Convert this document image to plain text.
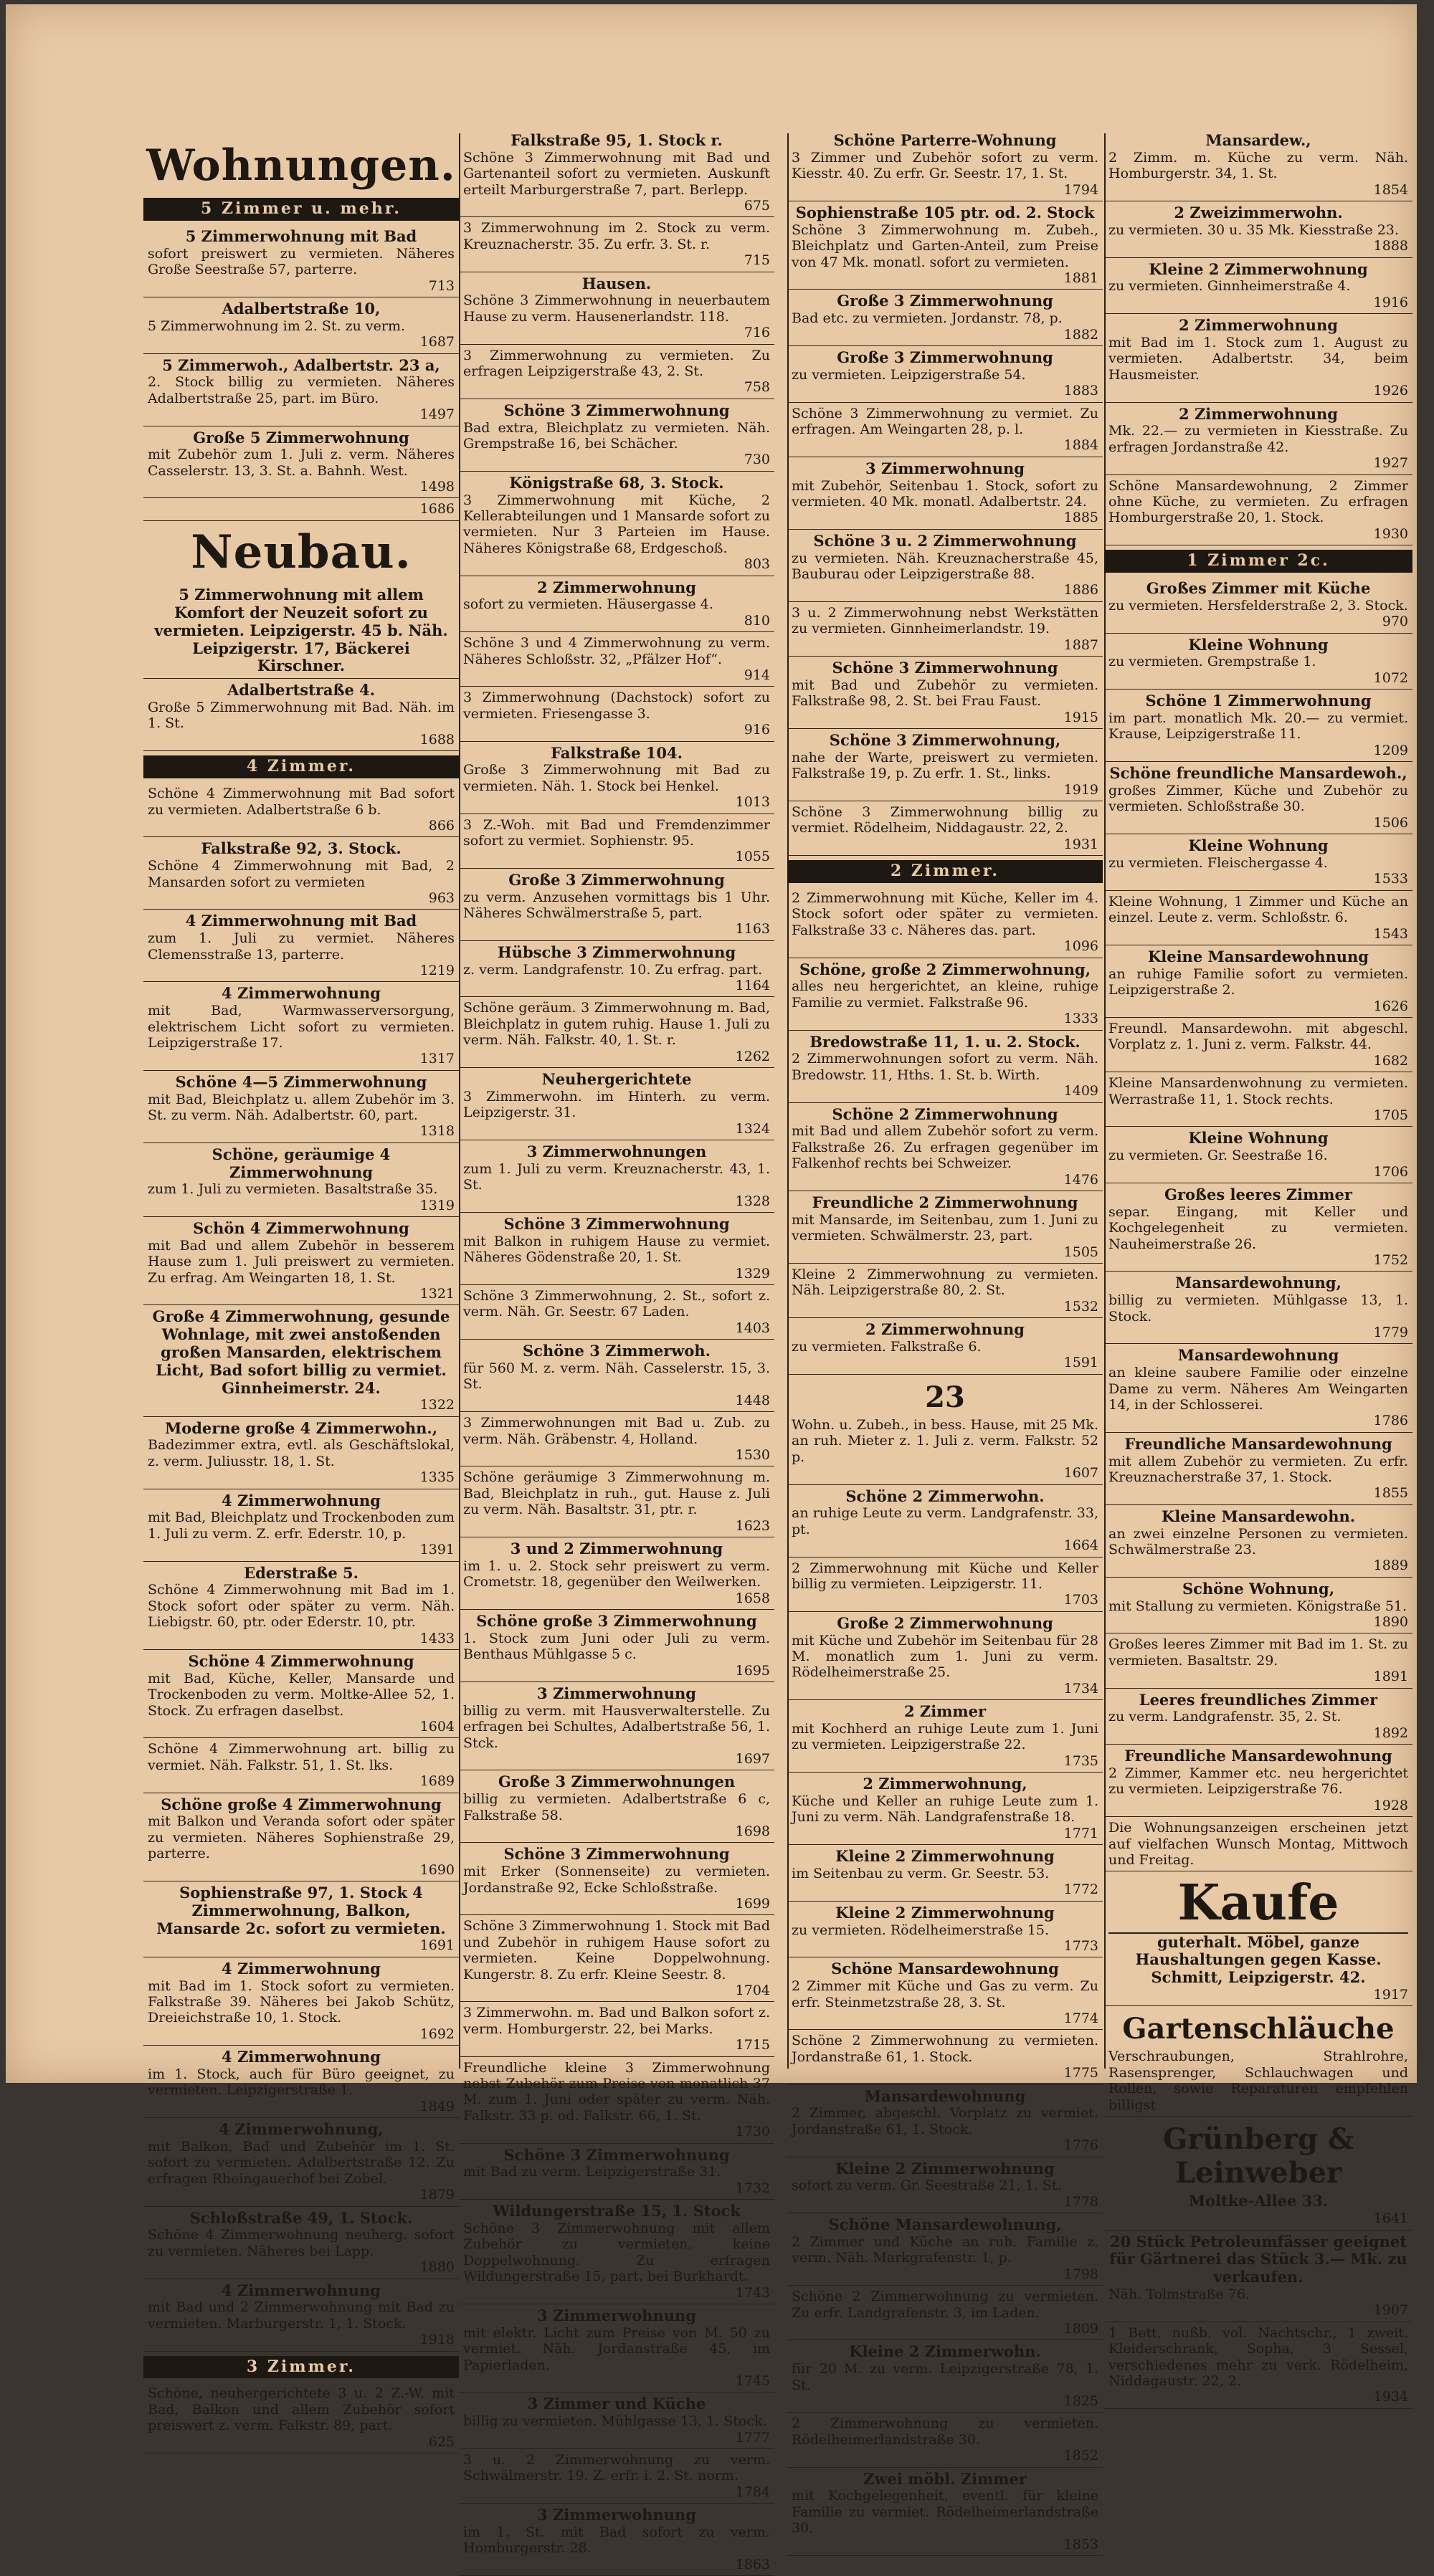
Wohnungen.
5 Zimmer u. mehr.
5 Zimmerwohnung mit Bad
sofort preiswert zu vermieten. Näheres Große Seestraße 57, parterre.
713
Adalbertstraße 10,
5 Zimmerwohnung im 2. St. zu verm.
1687
5 Zimmerwoh., Adalbertstr. 23 a,
2. Stock billig zu vermieten. Näheres Adalbertstraße 25, part. im Büro.
1497
Große 5 Zimmerwohnung
mit Zubehör zum 1. Juli z. verm. Näheres Casselerstr. 13, 3. St. a. Bahnh. West.
1498
1686
Neubau.
5 Zimmerwohnung mit allem Komfort der Neuzeit sofort zu vermieten. Leipzigerstr. 45 b. Näh. Leipzigerstr. 17, Bäckerei Kirschner.
Adalbertstraße 4.
Große 5 Zimmerwohnung mit Bad. Näh. im 1. St.
1688
4 Zimmer.
Schöne 4 Zimmerwohnung mit Bad sofort zu vermieten. Adalbertstraße 6 b.
866
Falkstraße 92, 3. Stock.
Schöne 4 Zimmerwohnung mit Bad, 2 Mansarden sofort zu vermieten
963
4 Zimmerwohnung mit Bad
zum 1. Juli zu vermiet. Näheres Clemensstraße 13, parterre.
1219
4 Zimmerwohnung
mit Bad, Warmwasserversorgung, elektrischem Licht sofort zu vermieten. Leipzigerstraße 17.
1317
Schöne 4—5 Zimmerwohnung
mit Bad, Bleichplatz u. allem Zubehör im 3. St. zu verm. Näh. Adalbertstr. 60, part.
1318
Schöne, geräumige 4 Zimmerwohnung
zum 1. Juli zu vermieten. Basaltstraße 35.
1319
Schön 4 Zimmerwohnung
mit Bad und allem Zubehör in besserem Hause zum 1. Juli preiswert zu vermieten. Zu erfrag. Am Weingarten 18, 1. St.
1321
Große 4 Zimmerwohnung, gesunde Wohnlage, mit zwei anstoßenden großen Mansarden, elektrischem Licht, Bad sofort billig zu vermiet. Ginnheimerstr. 24.
1322
Moderne große 4 Zimmerwohn.,
Badezimmer extra, evtl. als Geschäftslokal, z. verm. Juliusstr. 18, 1. St.
1335
4 Zimmerwohnung
mit Bad, Bleichplatz und Trockenboden zum 1. Juli zu verm. Z. erfr. Ederstr. 10, p.
1391
Ederstraße 5.
Schöne 4 Zimmerwohnung mit Bad im 1. Stock sofort oder später zu verm. Näh. Liebigstr. 60, ptr. oder Ederstr. 10, ptr.
1433
Schöne 4 Zimmerwohnung
mit Bad, Küche, Keller, Mansarde und Trockenboden zu verm. Moltke-Allee 52, 1. Stock. Zu erfragen daselbst.
1604
Schöne 4 Zimmerwohnung art. billig zu vermiet. Näh. Falkstr. 51, 1. St. lks.
1689
Schöne große 4 Zimmerwohnung
mit Balkon und Veranda sofort oder später zu vermieten. Näheres Sophienstraße 29, parterre.
1690
Sophienstraße 97, 1. Stock 4 Zimmerwohnung, Balkon, Mansarde 2c. sofort zu vermieten.
1691
4 Zimmerwohnung
mit Bad im 1. Stock sofort zu vermieten. Falkstraße 39. Näheres bei Jakob Schütz, Dreieichstraße 10, 1. Stock.
1692
4 Zimmerwohnung
im 1. Stock, auch für Büro geeignet, zu vermieten. Leipzigerstraße 1.
1849
4 Zimmerwohnung,
mit Balkon, Bad und Zubehör im 1. St. sofort zu vermieten. Adalbertstraße 12. Zu erfragen Rheingauerhof bei Zobel.
1879
Schloßstraße 49, 1. Stock.
Schöne 4 Zimmerwohnung neuherg. sofort zu vermieten. Näheres bei Lapp.
1880
4 Zimmerwohnung
mit Bad und 2 Zimmerwohnung mit Bad zu vermieten. Marburgerstr. 1, 1. Stock.
1918
3 Zimmer.
Schöne, neuhergerichtete 3 u. 2 Z.-W. mit Bad, Balkon und allem Zubehör sofort preiswert z. verm. Falkstr. 89, part.
625
Falkstraße 95, 1. Stock r.
Schöne 3 Zimmerwohnung mit Bad und Gartenanteil sofort zu vermieten. Auskunft erteilt Marburgerstraße 7, part. Berlepp.
675
3 Zimmerwohnung im 2. Stock zu verm. Kreuznacherstr. 35. Zu erfr. 3. St. r.
715
Hausen.
Schöne 3 Zimmerwohnung in neuerbautem Hause zu verm. Hausenerlandstr. 118.
716
3 Zimmerwohnung zu vermieten. Zu erfragen Leipzigerstraße 43, 2. St.
758
Schöne 3 Zimmerwohnung
Bad extra, Bleichplatz zu vermieten. Näh. Grempstraße 16, bei Schächer.
730
Königstraße 68, 3. Stock.
3 Zimmerwohnung mit Küche, 2 Kellerabteilungen und 1 Mansarde sofort zu vermieten. Nur 3 Parteien im Hause. Näheres Königstraße 68, Erdgeschoß.
803
2 Zimmerwohnung
sofort zu vermieten. Häusergasse 4.
810
Schöne 3 und 4 Zimmerwohnung zu verm. Näheres Schloßstr. 32, „Pfälzer Hof“.
914
3 Zimmerwohnung (Dachstock) sofort zu vermieten. Friesengasse 3.
916
Falkstraße 104.
Große 3 Zimmerwohnung mit Bad zu vermieten. Näh. 1. Stock bei Henkel.
1013
3 Z.-Woh. mit Bad und Fremdenzimmer sofort zu vermiet. Sophienstr. 95.
1055
Große 3 Zimmerwohnung
zu verm. Anzusehen vormittags bis 1 Uhr. Näheres Schwälmerstraße 5, part.
1163
Hübsche 3 Zimmerwohnung
z. verm. Landgrafenstr. 10. Zu erfrag. part.
1164
Schöne geräum. 3 Zimmerwohnung m. Bad, Bleichplatz in gutem ruhig. Hause 1. Juli zu verm. Näh. Falkstr. 40, 1. St. r.
1262
Neuhergerichtete
3 Zimmerwohn. im Hinterh. zu verm. Leipzigerstr. 31.
1324
3 Zimmerwohnungen
zum 1. Juli zu verm. Kreuznacherstr. 43, 1. St.
1328
Schöne 3 Zimmerwohnung
mit Balkon in ruhigem Hause zu vermiet. Näheres Gödenstraße 20, 1. St.
1329
Schöne 3 Zimmerwohnung, 2. St., sofort z. verm. Näh. Gr. Seestr. 67 Laden.
1403
Schöne 3 Zimmerwoh.
für 560 M. z. verm. Näh. Casselerstr. 15, 3. St.
1448
3 Zimmerwohnungen mit Bad u. Zub. zu verm. Näh. Gräbenstr. 4, Holland.
1530
Schöne geräumige 3 Zimmerwohnung m. Bad, Bleichplatz in ruh., gut. Hause z. Juli zu verm. Näh. Basaltstr. 31, ptr. r.
1623
3 und 2 Zimmerwohnung
im 1. u. 2. Stock sehr preiswert zu verm. Crometstr. 18, gegenüber den Weilwerken.
1658
Schöne große 3 Zimmerwohnung
1. Stock zum Juni oder Juli zu verm. Benthaus Mühlgasse 5 c.
1695
3 Zimmerwohnung
billig zu verm. mit Hausverwalterstelle. Zu erfragen bei Schultes, Adalbertstraße 56, 1. Stck.
1697
Große 3 Zimmerwohnungen
billig zu vermieten. Adalbertstraße 6 c, Falkstraße 58.
1698
Schöne 3 Zimmerwohnung
mit Erker (Sonnenseite) zu vermieten. Jordanstraße 92, Ecke Schloßstraße.
1699
Schöne 3 Zimmerwohnung 1. Stock mit Bad und Zubehör in ruhigem Hause sofort zu vermieten. Keine Doppelwohnung. Kungerstr. 8. Zu erfr. Kleine Seestr. 8.
1704
3 Zimmerwohn. m. Bad und Balkon sofort z. verm. Homburgerstr. 22, bei Marks.
1715
Freundliche kleine 3 Zimmerwohnung nebst Zubehör zum Preise von monatlich 37 M. zum 1. Juni oder später zu verm. Näh. Falkstr. 33 p. od. Falkstr. 66, 1. St.
1730
Schöne 3 Zimmerwohnung
mit Bad zu verm. Leipzigerstraße 31.
1732
Wildungerstraße 15, 1. Stock
Schöne 3 Zimmerwohnung mit allem Zubehör zu vermieten, keine Doppelwohnung. Zu erfragen Wildungerstraße 15, part. bei Burkhardt.
1743
3 Zimmerwohnung
mit elektr. Licht zum Preise von M. 50 zu vermiet. Näh. Jordanstraße 45, im Papierladen.
1745
3 Zimmer und Küche
billig zu vermieten. Mühlgasse 13, 1. Stock.
1777
3 u. 2 Zimmerwohnung zu verm. Schwälmerstr. 19. Z. erfr. i. 2. St. norm.
1784
3 Zimmerwohnung
im 1. St. mit Bad sofort zu verm. Homburgerstr. 28.
1863
Schöne Parterre-Wohnung
3 Zimmer und Zubehör sofort zu verm. Kiesstr. 40. Zu erfr. Gr. Seestr. 17, 1. St.
1794
Sophienstraße 105 ptr. od. 2. Stock
Schöne 3 Zimmerwohnung m. Zubeh., Bleichplatz und Garten-Anteil, zum Preise von 47 Mk. monatl. sofort zu vermieten.
1881
Große 3 Zimmerwohnung
Bad etc. zu vermieten. Jordanstr. 78, p.
1882
Große 3 Zimmerwohnung
zu vermieten. Leipzigerstraße 54.
1883
Schöne 3 Zimmerwohnung zu vermiet. Zu erfragen. Am Weingarten 28, p. l.
1884
3 Zimmerwohnung
mit Zubehör, Seitenbau 1. Stock, sofort zu vermieten. 40 Mk. monatl. Adalbertstr. 24.
1885
Schöne 3 u. 2 Zimmerwohnung
zu vermieten. Näh. Kreuznacherstraße 45, Bauburau oder Leipzigerstraße 88.
1886
3 u. 2 Zimmerwohnung nebst Werkstätten zu vermieten. Ginnheimerlandstr. 19.
1887
Schöne 3 Zimmerwohnung
mit Bad und Zubehör zu vermieten. Falkstraße 98, 2. St. bei Frau Faust.
1915
Schöne 3 Zimmerwohnung,
nahe der Warte, preiswert zu vermieten. Falkstraße 19, p. Zu erfr. 1. St., links.
1919
Schöne 3 Zimmerwohnung billig zu vermiet. Rödelheim, Niddagaustr. 22, 2.
1931
2 Zimmer.
2 Zimmerwohnung mit Küche, Keller im 4. Stock sofort oder später zu vermieten. Falkstraße 33 c. Näheres das. part.
1096
Schöne, große 2 Zimmerwohnung,
alles neu hergerichtet, an kleine, ruhige Familie zu vermiet. Falkstraße 96.
1333
Bredowstraße 11, 1. u. 2. Stock.
2 Zimmerwohnungen sofort zu verm. Näh. Bredowstr. 11, Hths. 1. St. b. Wirth.
1409
Schöne 2 Zimmerwohnung
mit Bad und allem Zubehör sofort zu verm. Falkstraße 26. Zu erfragen gegenüber im Falkenhof rechts bei Schweizer.
1476
Freundliche 2 Zimmerwohnung
mit Mansarde, im Seitenbau, zum 1. Juni zu vermieten. Schwälmerstr. 23, part.
1505
Kleine 2 Zimmerwohnung zu vermieten. Näh. Leipzigerstraße 80, 2. St.
1532
2 Zimmerwohnung
zu vermieten. Falkstraße 6.
1591
23
Wohn. u. Zubeh., in bess. Hause, mit 25 Mk. an ruh. Mieter z. 1. Juli z. verm. Falkstr. 52 p.
1607
Schöne 2 Zimmerwohn.
an ruhige Leute zu verm. Landgrafenstr. 33, pt.
1664
2 Zimmerwohnung mit Küche und Keller billig zu vermieten. Leipzigerstr. 11.
1703
Große 2 Zimmerwohnung
mit Küche und Zubehör im Seitenbau für 28 M. monatlich zum 1. Juni zu verm. Rödelheimerstraße 25.
1734
2 Zimmer
mit Kochherd an ruhige Leute zum 1. Juni zu vermieten. Leipzigerstraße 22.
1735
2 Zimmerwohnung,
Küche und Keller an ruhige Leute zum 1. Juni zu verm. Näh. Landgrafenstraße 18.
1771
Kleine 2 Zimmerwohnung
im Seitenbau zu verm. Gr. Seestr. 53.
1772
Kleine 2 Zimmerwohnung
zu vermieten. Rödelheimerstraße 15.
1773
Schöne Mansardewohnung
2 Zimmer mit Küche und Gas zu verm. Zu erfr. Steinmetzstraße 28, 3. St.
1774
Schöne 2 Zimmerwohnung zu vermieten. Jordanstraße 61, 1. Stock.
1775
Mansardewohnung
2 Zimmer, abgeschl. Vorplatz zu vermiet. Jordanstraße 61, 1. Stock.
1776
Kleine 2 Zimmerwohnung
sofort zu verm. Gr. Seestraße 21, 1. St.
1778
Schöne Mansardewohnung,
2 Zimmer und Küche an ruh. Familie z. verm. Näh. Markgrafenstr. 1, p.
1798
Schöne 2 Zimmerwohnung zu vermieten. Zu erfr. Landgrafenstr. 3, im Laden.
1809
Kleine 2 Zimmerwohn.
für 20 M. zu verm. Leipzigerstraße 78, 1. St.
1825
2 Zimmerwohnung zu vermieten. Rödelheimerlandstraße 30.
1852
Zwei möbl. Zimmer
mit Kochgelegenheit, eventl. für kleine Familie zu vermiet. Rödelheimerlandstraße 30.
1853
Mansardew.,
2 Zimm. m. Küche zu verm. Näh. Homburgerstr. 34, 1. St.
1854
2 Zweizimmerwohn.
zu vermieten. 30 u. 35 Mk. Kiesstraße 23.
1888
Kleine 2 Zimmerwohnung
zu vermieten. Ginnheimerstraße 4.
1916
2 Zimmerwohnung
mit Bad im 1. Stock zum 1. August zu vermieten. Adalbertstr. 34, beim Hausmeister.
1926
2 Zimmerwohnung
Mk. 22.— zu vermieten in Kiesstraße. Zu erfragen Jordanstraße 42.
1927
Schöne Mansardewohnung, 2 Zimmer ohne Küche, zu vermieten. Zu erfragen Homburgerstraße 20, 1. Stock.
1930
1 Zimmer 2c.
Großes Zimmer mit Küche
zu vermieten. Hersfelderstraße 2, 3. Stock.
970
Kleine Wohnung
zu vermieten. Grempstraße 1.
1072
Schöne 1 Zimmerwohnung
im part. monatlich Mk. 20.— zu vermiet. Krause, Leipzigerstraße 11.
1209
Schöne freundliche Mansardewoh.,
großes Zimmer, Küche und Zubehör zu vermieten. Schloßstraße 30.
1506
Kleine Wohnung
zu vermieten. Fleischergasse 4.
1533
Kleine Wohnung, 1 Zimmer und Küche an einzel. Leute z. verm. Schloßstr. 6.
1543
Kleine Mansardewohnung
an ruhige Familie sofort zu vermieten. Leipzigerstraße 2.
1626
Freundl. Mansardewohn. mit abgeschl. Vorplatz z. 1. Juni z. verm. Falkstr. 44.
1682
Kleine Mansardenwohnung zu vermieten. Werrastraße 11, 1. Stock rechts.
1705
Kleine Wohnung
zu vermieten. Gr. Seestraße 16.
1706
Großes leeres Zimmer
separ. Eingang, mit Keller und Kochgelegenheit zu vermieten. Nauheimerstraße 26.
1752
Mansardewohnung,
billig zu vermieten. Mühlgasse 13, 1. Stock.
1779
Mansardewohnung
an kleine saubere Familie oder einzelne Dame zu verm. Näheres Am Weingarten 14, in der Schlosserei.
1786
Freundliche Mansardewohnung
mit allem Zubehör zu vermieten. Zu erfr. Kreuznacherstraße 37, 1. Stock.
1855
Kleine Mansardewohn.
an zwei einzelne Personen zu vermieten. Schwälmerstraße 23.
1889
Schöne Wohnung,
mit Stallung zu vermieten. Königstraße 51.
1890
Großes leeres Zimmer mit Bad im 1. St. zu vermieten. Basaltstr. 29.
1891
Leeres freundliches Zimmer
zu verm. Landgrafenstr. 35, 2. St.
1892
Freundliche Mansardewohnung
2 Zimmer, Kammer etc. neu hergerichtet zu vermieten. Leipzigerstraße 76.
1928
Die Wohnungsanzeigen erscheinen jetzt auf vielfachen Wunsch Montag, Mittwoch und Freitag.
Kaufe
guterhalt. Möbel, ganze Haushaltungen gegen Kasse. Schmitt, Leipzigerstr. 42.
1917
Gartenschläuche
Verschraubungen, Strahlrohre, Rasensprenger, Schlauchwagen und Rollen, sowie Reparaturen empfehlen billigst
Grünberg & Leinweber
Moltke-Allee 33.
1641
20 Stück Petroleumfässer geeignet für Gärtnerei das Stück 3.— Mk. zu verkaufen.
Näh. Tolmstraße 76.
1907
1 Bett, nußb. vol. Nachtschr., 1 zweit. Kleiderschrank, Sopha, 3 Sessel, verschiedenes mehr zu verk. Rödelheim, Niddagaustr. 22, 2.
1934
